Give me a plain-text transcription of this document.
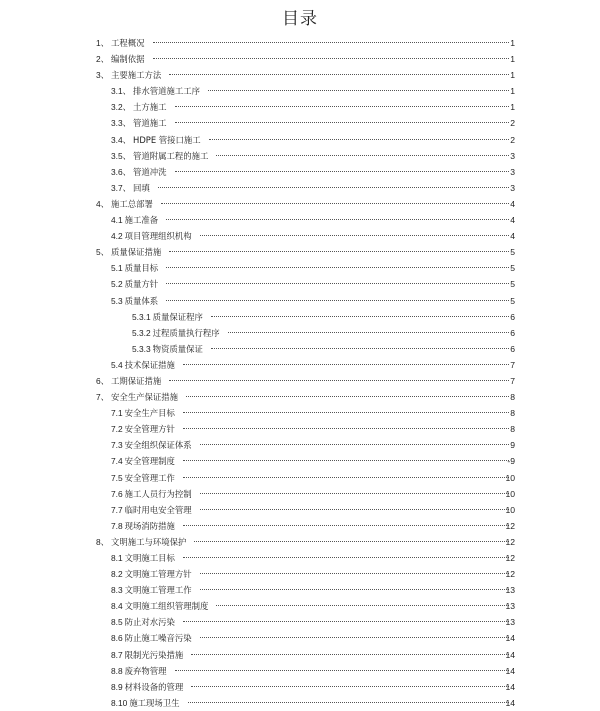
目录
1、 工程概况	1
2、 编制依据	1
3、 主要施工方法	1
3.1、 排水管道施工工序	1
3.2、 土方施工	1
3.3、 管道施工	2
3.4、 HDPE 管接口施工	2
3.5、 管道附属工程的施工	3
3.6、 管道冲洗	3
3.7、 回填	3
4、 施工总部署	4
4.1 施工准备	4
4.2 项目管理组织机构	4
5、 质量保证措施	5
5.1 质量目标	5
5.2 质量方针	5
5.3 质量体系	5
5.3.1 质量保证程序	6
5.3.2 过程质量执行程序	6
5.3.3 物资质量保证	6
5.4 技术保证措施	7
6、 工期保证措施	7
7、 安全生产保证措施	8
7.1 安全生产目标	8
7.2 安全管理方针	8
7.3 安全组织保证体系	9
7.4 安全管理制度	-9
7.5 安全管理工作	10
7.6 施工人员行为控制	10
7.7 临时用电安全管理	10
7.8 现场消防措施	12
8、 文明施工与环境保护	12
8.1 文明施工目标	12
8.2 文明施工管理方针	12
8.3 文明施工管理工作	13
8.4 文明施工组织管理制度	13
8.5 防止对水污染	13
8.6 防止施工噪音污染	14
8.7 限制光污染措施	14
8.8 废弃物管理	14
8.9 材料设备的管理	14
8.10 施工现场卫生	14
